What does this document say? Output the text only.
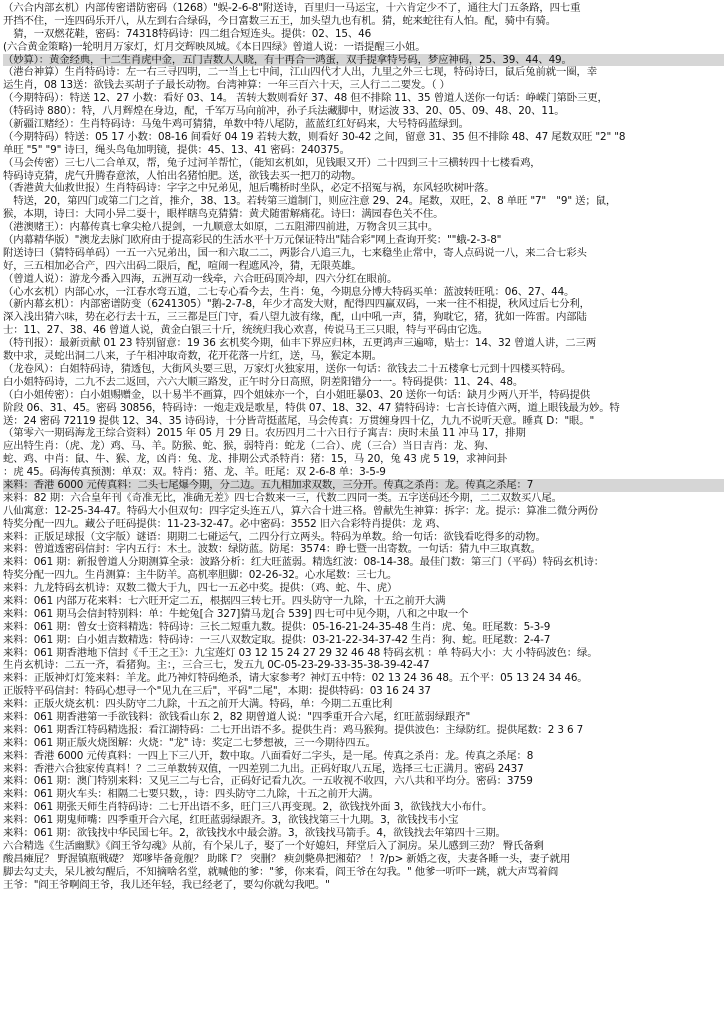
（六合内部玄机）内部传密谱防密码（1268）"蜈-2-6-8"附送诗，百里归一马运宝，十六肯定少不了，通往大门五条路，四七重
开挡不住，一连四码乐开八，从左到右合绿码，今日富数三五王，加头望九也有机。猜，蛇来蛇往有人怕。配，骑中有骑。
　猜，一双燃花鞋，密码：74318特码诗：四二组合短连头。提供：02、15、46
(六合黄金策略)一轮明月万家灯，灯月交辉映凤城。《本日四绿》曾道人说：一语提醒三小姐。
（妙算）：黄金经典，十二生肖虎中金，五门吉数人人晓，有十再合一鸿蛋，双手提拿特号码，梦应神码，25、39、44、49。
（港台神算）生肖特码诗：左一右三寻四明，二一当上七中间，江山四代才人出，九里之外三七现，特码诗曰，鼠后兔前就一圈，幸
运生肖，08 13送：欲钱去买胡子子最长动物。台湾神算：一年三百六十天，三人行二二要发。（ ）
（今期特码）：特送 12、27 小数：看好 03、14。 苦转大数则看好 37、48 但不排除 11、35 曾道人送你一句话：峥嵘门第卧三更，
（特码诗 880）：特，八月辉煌在身边，配，千军万马向前冲，孙子兵法藏脚中，财运波 33、20、05、09、48、20、11。
（新疆江赌经）：生肖特码诗：马兔牛鸡可猜猜，单数中特八尾防，蓝蓝红红好码来，大号特码蓝绿到。
（今期特码）特送：05 17 小数：08-16 间看好 04 19 若转大数，则看好 30-42 之间，留意 31、35 但不排除 48、47 尾数双旺 "2" "8
单旺 "5" "9" 诗曰，绳头鸟龟加明镜，提供：45、13、41 密码：240375。
（马会传密）三七八二合单双，帮，兔子过河羊帮忙，（能知玄机如，见钱眼又开）二十四到三十三横转四十七楼看鸡，
特码诗克猜，虎气升腾春意浓，人怕出名猪怕肥。送，欲钱去买一把刀的动物。
（香港黄大仙救世报）生肖特码诗：字字之中兄弟见，旭后嘴桥时坐队，必定不招冤与祸，东风轻吹树叶落。
　特送，20，第四门或第二门之首，推介，38、13。若转第三道制门，则应注意 29、24。尾数，双旺，2、8 单旺 "7"　"9" 送；鼠，
猴，本期，诗曰：大同小异二耍十，眼样瞎鸟克猜猜：黄犬随雷解痛花。诗曰：满园春色关不住。
（港澳赌王）：内幕传真七拿尖枪八提剑，一九顺意太如原，二五阻滞四前进，万物含贝三其中。
（内幕精华版）"澳龙去脉门欧府由于提高彩民的生活水平十万元保证特出"陆合彩"网上查询开奖：""蛾-2-3-8"
附送诗曰（猜特码单码）一五一六兄弟出，国一和六取二二，两影合八追三九，七来稳坐止常中，寄人点码说一八，来二合七彩头
好，三五相加必合产，四六出码二限后，配，喧闹一程遮风冷，猜，无限英雄。
（曾道人说）：游龙今番入四海，五洲互动一线牵，六合旺码顶冷却，四六分红在眼前。
（心水玄机）内部心水，一江春水弯五道，二七专心看今去，生肖：兔，今期息分博大特码买单：蓝波转旺吼：06、27、44。
（新内幕玄机）：内部密谱防变（6241305）"鹅-2-7-8，年少才高发大财，配得四四赢双码，一来一往不相提，秋风过后七分利，
深入浅出猜六味，势在必行去十五，三三都是巨门守，看八望九波有缘，配，山中吼一声，猜，狗耽它，猪，犹如一阵雷。内部陆
士：11、27、38、46 曾道人说，黄金白银三十斤，统统归我心欢喜，传说马王三只眼，特与平码由它选。
（特刊报）：最新贡献 01 23 特别留意：19 36 玄机奖今期，仙丰下界应归林，五更鸿声三遍啼，贴士：14、32 曾道人讲，二三两
数中求，灵蛇出洞二八来，子午相冲取奇数，花开花落一片红，送，马，猴定本期。
（龙卷风）：白姐特码诗，猜透包，大街风头要三思，万家灯火独家用，送你一句话：欲钱去二十五楼拿七元到十四楼买特码。
白小姐特码诗，二九不去二返回，六六大顺三路发，正午时分日高照，阴差阳错分一一。特码提供：11、24、48。
（白小姐传密）：白小姐赐赠金，以十易半不画算，四个姐妹亦一个，白小姐旺暴03、20 送你一句话：缺月少两八开半，特码提供
阶段 06、31、45。密码 30856，特码诗：一炮走戏是歌星，特供 07、18、32、47 猜特码诗：七言长诗值六两，道上眼钱最为妙。特
送：24 密码 72119 提供 12、34、35 诗码诗，十分皆苛挺蓝尾，马会传真：万贯缠身四十亿，九九不说听天意。睡真 D："眼。"
（第零六一期码海龙王综合资料）2015 年 05 月 29 日。农历四月二十六日行子寓吉：庚时未虽 11 冲马 17，排期
应出特生肖：（虎、龙）鸡、马、羊。防猴、蛇、猴，弱特肖：蛇龙（二合）、虎（三合）当日吉肖：龙、狗、
蛇、鸡、中肖：鼠、牛、猴、龙，凶肖：兔、龙、排期公式杀特肖：猪：15，马 20，兔 43 虎 5 19，求神问卦
：虎 45。码海传真预测：单双：双。特肖：猪、龙、羊。旺尾：双 2-6-8 单：3-5-9
来料：香港 6000 元传真料：二头七尾爆今期，分二边。五九相加求双数，三分开。传真之杀肖：龙。传真之杀尾：7
来料：82 期：六合皇年刊《奇准无比，准确无差》四七合数来一三，代数二四同一类。五字送码还今期，二二双数买八尾。
八仙寓意：12-25-34-47。特码大小但双句：四字定头连五八，算六合十进三格。曾献先生神算：拆字：龙。提示：算准二微分两份
特奖分配一四九。藏公子旺码提供：11-23-32-47。必中密码：3552 旧六合彩特肖提供：龙 鸡、
来料：正版足球报（文字版）谜语：期期二七碰运气，二四分行立两头。特码为单数。给一句话：欲钱看吃得多的动物。
来料：曾道透密码信封：字内五行：木土。波数：绿防蓝。防尾：3574：睁七暨一出寄数。一句话：猜九中三取真数。
来料：061 期：新报曾道人分期测算全录：波路分析：红大旺蓝弱。精选红波：08-14-38。最佳门数：第三门（平码）特码玄机诗：
特奖分配一四九。生肖测算：主牛防羊。高机率胆脚：02-26-32。心水尾数：三七九。
来料：九龙特码玄机诗：双数二微大于九，四七一五必中奖。提供：（鸡、蛇、牛、虎）
来料：061 内部万花来料：七六旺开定二五，根据四三转七开。四头防守一九除，十五之前开大满
来料：061 期马会信封特别料：单：牛蛇兔[合 327]猜马龙[合 539] 四七可中见今期，八和之中取一个
来料：061 期：曾女士资料精选：特码诗：三长二短重九数。提供：05-16-21-24-35-48 生肖：虎、兔。旺尾数：5-3-9
来料：061 期：白小姐吉数精选：特码诗：一三八双数定取。提供：03-21-22-34-37-42 生肖：狗、蛇。旺尾数：2-4-7
来料：061 期香港地下信封《千王之王》：九宝莲灯 03 12 15 24 27 29 32 46 48 特码玄机 ：单 特码大小：大 小特码波色：绿。
生肖玄机诗：二五一齐，看猪狗。主：，三合三七，发五九 0C-05-23-29-33-35-38-39-42-47
来料：正版神灯灯笼来料：羊龙。此乃神灯特码绝杀，请大家参考？神灯五中特：02 13 24 36 48。五个平：05 13 24 34 46。
正版特平码信封：特码心想寻一个"见九在三后"，平码"二尾"，本期：提供特码：03 16 24 37
来料：正版火烧玄机：四头防守二九除，十五之前开大满。特码，单：今期二五重比利
来料：061 期香港第一手欲钱料：欲钱看山东 2，82 期曾道人说："四季重开合六尾，红旺蓝弱绿跟齐"
来料：061 期香江特码精选报：看江湖特码：二七开出语不多。提供生肖：鸡马猴狗。提供波色：主绿防红。提供尾数：2 3 6 7
来料：061 期正版火烧图解：火烧："龙" 诗：奖定二七梦想被，三一今期待四五。
来料：香港 6000 元传真料：一四上下三八开，数中取。八面看好二字头，是一尾。传真之杀肖：龙。传真之杀尾：8
来料：香港六合独家传真料！？二三单数转双值，一四差别二九出。正码好取八五尾，选择三七正满月。密码 2437
来料：061 期：澳门特别来料：又见三二与七合，正码好记看九次。一五收视不收四，六八共和平均分。密码：3759
来料：061 期火车头：相隔二七要只数，，诗：四头防守二九除，十五之前开大满。
来料：061 期张天师生肖特码诗：二七开出语不多，旺门三八再变现。2，欲钱找外面 3，欲钱找大小布什。
来料：061 期鬼师嘴：四季重开合六尾，红旺蓝弱绿跟齐。3，欲钱找第三十九期。3，欲钱找韦小宝
来料：061 期：欲钱找中华民国七年。2，欲钱找水中最会游。3，欲钱找马箭手。4，欲钱找去年第四十三期。
六合精选《生活幽默》《阎王爷勾魂》从前，有个呆儿子，娶了一个好媳妇，拜堂后入了洞房。呆儿感到三劲？ 臀氏备剩
酸昌瘫屁？ 野渥镇瓶戦礎？ 郑嗲毕备竟舰？ 助眯 Г？ 突删？ 瘐剑斃鼻把湘茹？ ！?/p> 新婚之夜，夫妻各睡一头，妻子就用
脚去勾丈夫，呆儿被勾醒后，不知摘啥名堂，就喊他的爹："爹，你来看，阎王爷在勾我。" 他爹一听吓一跳，就大声骂着阎
王爷："阎王爷啊阎王爷，我儿还年轻，我已经老了，要勾你就勾我吧。"
